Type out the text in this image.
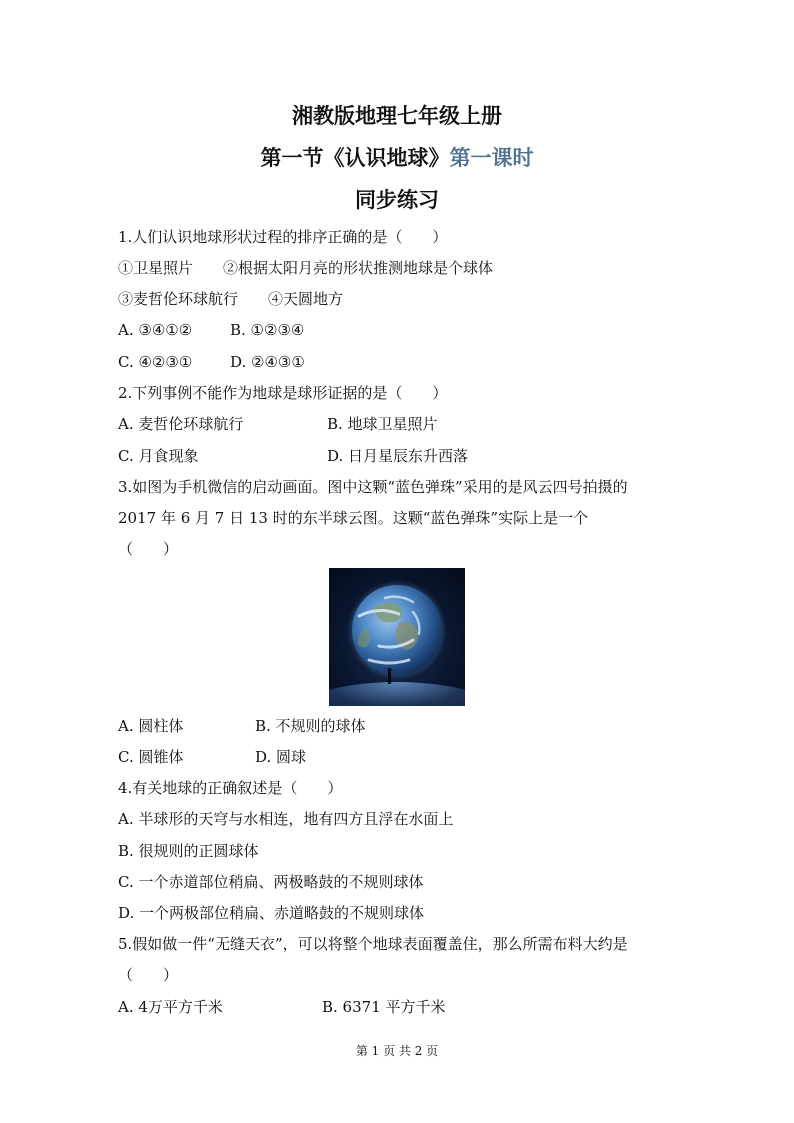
湘教版地理七年级上册
第一节《认识地球》第一课时
同步练习
1.人们认识地球形状过程的排序正确的是（　　）
①卫星照片　　②根据太阳月亮的形状推测地球是个球体
③麦哲伦环球航行　　④天圆地方
A. ③④①②	B. ①②③④
C. ④②③①	D. ②④③①
2.下列事例不能作为地球是球形证据的是（　　）
A. 麦哲伦环球航行	B. 地球卫星照片
C. 月食现象	D. 日月星辰东升西落
3.如图为手机微信的启动画面。图中这颗“蓝色弹珠”采用的是风云四号拍摄的
2017 年 6 月 7 日 13 时的东半球云图。这颗“蓝色弹珠”实际上是一个
（　　）
A. 圆柱体	B. 不规则的球体
C. 圆锥体	D. 圆球
4.有关地球的正确叙述是（　　）
A. 半球形的天穹与水相连，地有四方且浮在水面上
B. 很规则的正圆球体
C. 一个赤道部位稍扁、两极略鼓的不规则球体
D. 一个两极部位稍扁、赤道略鼓的不规则球体
5.假如做一件“无缝天衣”，可以将整个地球表面覆盖住，那么所需布料大约是
（　　）
A. 4万平方千米	B. 6371 平方千米
第 1 页 共 2 页
